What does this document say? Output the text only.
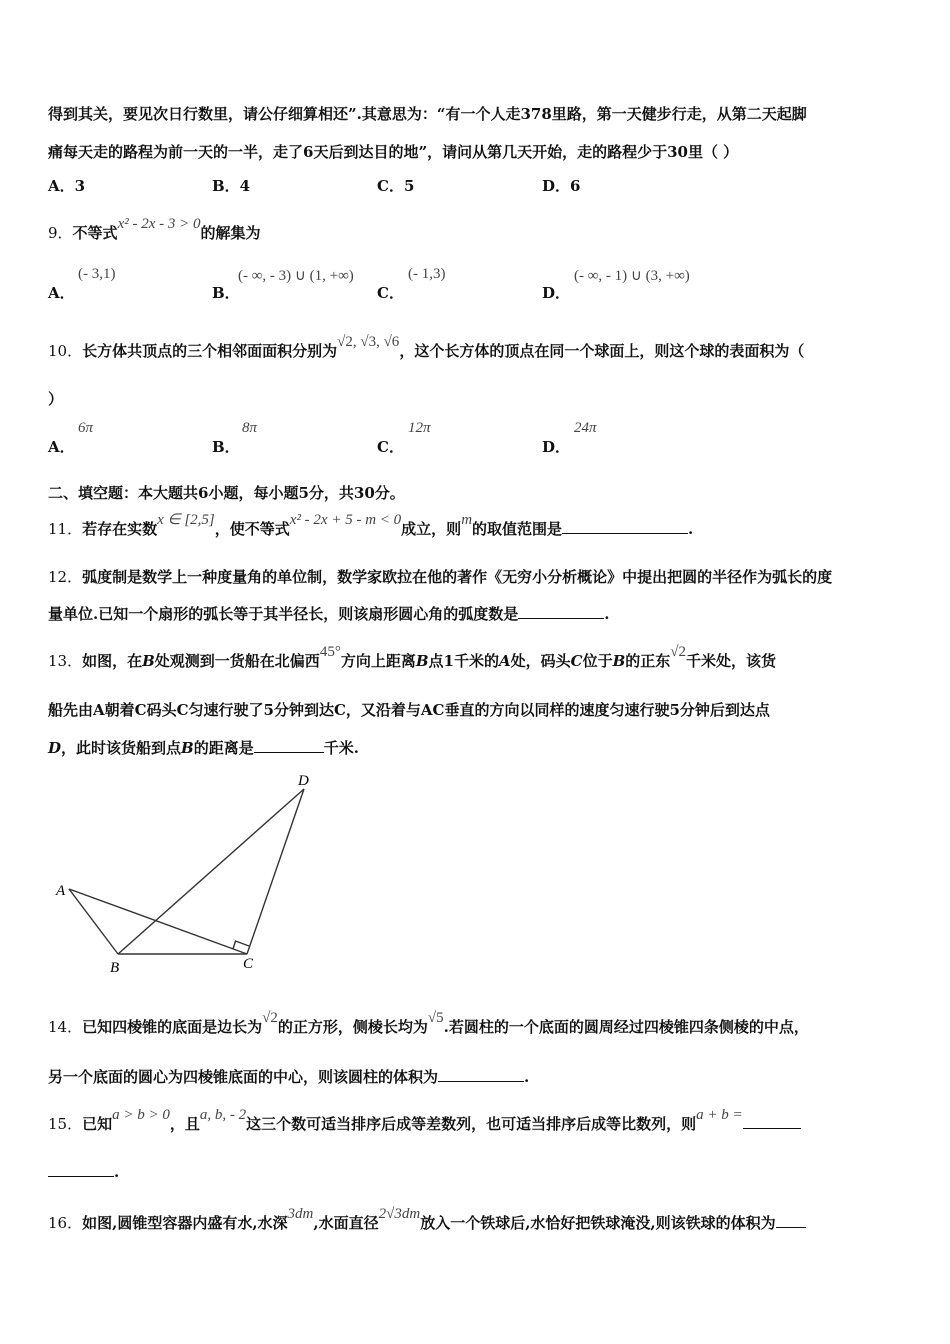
得到其关，要见次日行数里，请公仔细算相还”.其意思为：“有一个人走378里路，第一天健步行走，从第二天起脚
痛每天走的路程为前一天的一半，走了6天后到达目的地”，请问从第几天开始，走的路程少于30里（ ）
A．3	B．4	C．5	D．6
9．不等式x² - 2x - 3 > 0的解集为
A．
(- 3,1)
B．
(- ∞, - 3) ∪ (1, +∞)
C．
(- 1,3)
D．
(- ∞, - 1) ∪ (3, +∞)
10．长方体共顶点的三个相邻面面积分别为√2, √3, √6，这个长方体的顶点在同一个球面上，则这个球的表面积为（
）
A．
6π
B．
8π
C．
12π
D．
24π
二、填空题：本大题共6小题，每小题5分，共30分。
11．若存在实数x ∈ [2,5]，使不等式x² - 2x + 5 - m < 0成立，则m的取值范围是	.
12．弧度制是数学上一种度量角的单位制，数学家欧拉在他的著作《无穷小分析概论》中提出把圆的半径作为弧长的度
量单位.已知一个扇形的弧长等于其半径长，则该扇形圆心角的弧度数是	.
13．如图，在B处观测到一货船在北偏西45°方向上距离B点1千米的A处，码头C位于B的正东√2千米处，该货
船先由A朝着C码头C匀速行驶了5分钟到达C，又沿着与AC垂直的方向以同样的速度匀速行驶5分钟后到达点
D，此时该货船到点B的距离是	千米.
A
B	C
D
14．已知四棱锥的底面是边长为√2的正方形，侧棱长均为√5.若圆柱的一个底面的圆周经过四棱锥四条侧棱的中点，
另一个底面的圆心为四棱锥底面的中心，则该圆柱的体积为	.
15．已知a > b > 0，且a, b, - 2这三个数可适当排序后成等差数列，也可适当排序后成等比数列，则a + b =
.
16．如图,圆锥型容器内盛有水,水深3dm,水面直径2√3dm放入一个铁球后,水恰好把铁球淹没,则该铁球的体积为
